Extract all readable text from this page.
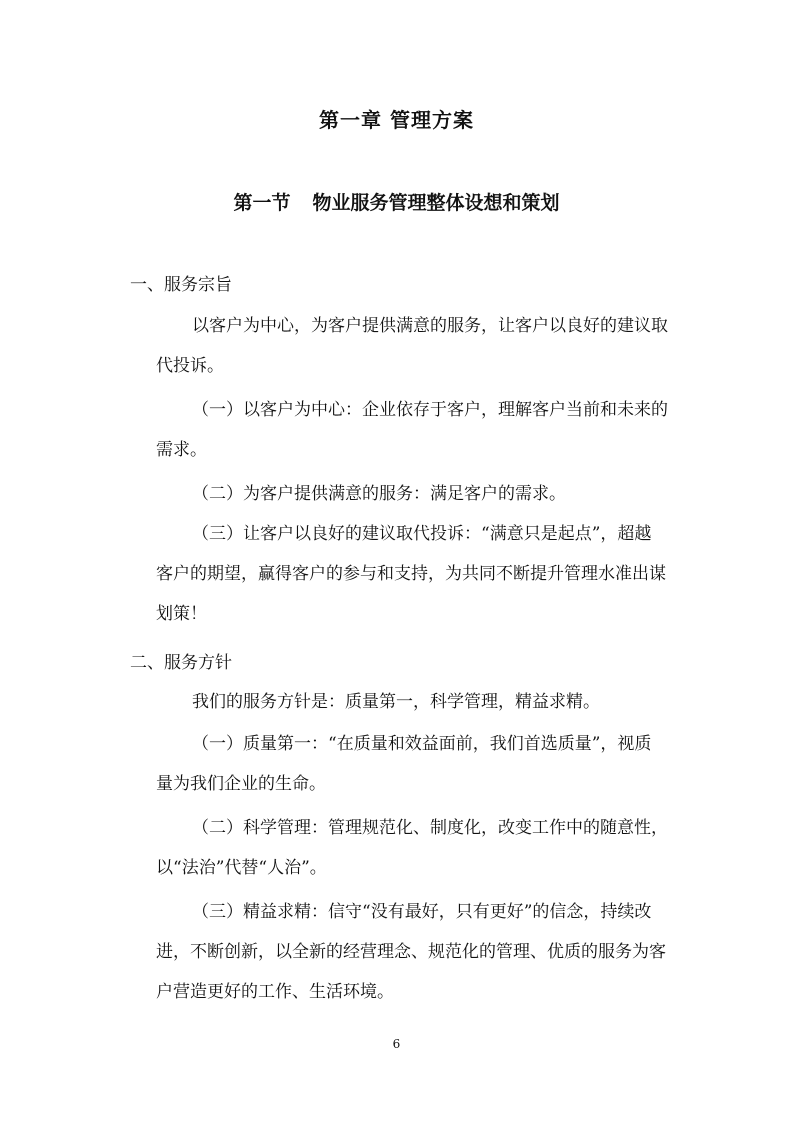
第一章 管理方案
第一节 物业服务管理整体设想和策划
一、服务宗旨
以客户为中心，为客户提供满意的服务，让客户以良好的建议取
代投诉。
（一）以客户为中心：企业依存于客户，理解客户当前和未来的
需求。
（二）为客户提供满意的服务：满足客户的需求。
（三）让客户以良好的建议取代投诉：“满意只是起点”，超越
客户的期望，赢得客户的参与和支持，为共同不断提升管理水准出谋
划策！
二、服务方针
我们的服务方针是：质量第一，科学管理，精益求精。
（一）质量第一：“在质量和效益面前，我们首选质量”，视质
量为我们企业的生命。
（二）科学管理：管理规范化、制度化，改变工作中的随意性，
以“法治”代替“人治”。
（三）精益求精：信守“没有最好，只有更好”的信念，持续改
进，不断创新，以全新的经营理念、规范化的管理、优质的服务为客
户营造更好的工作、生活环境。
6
